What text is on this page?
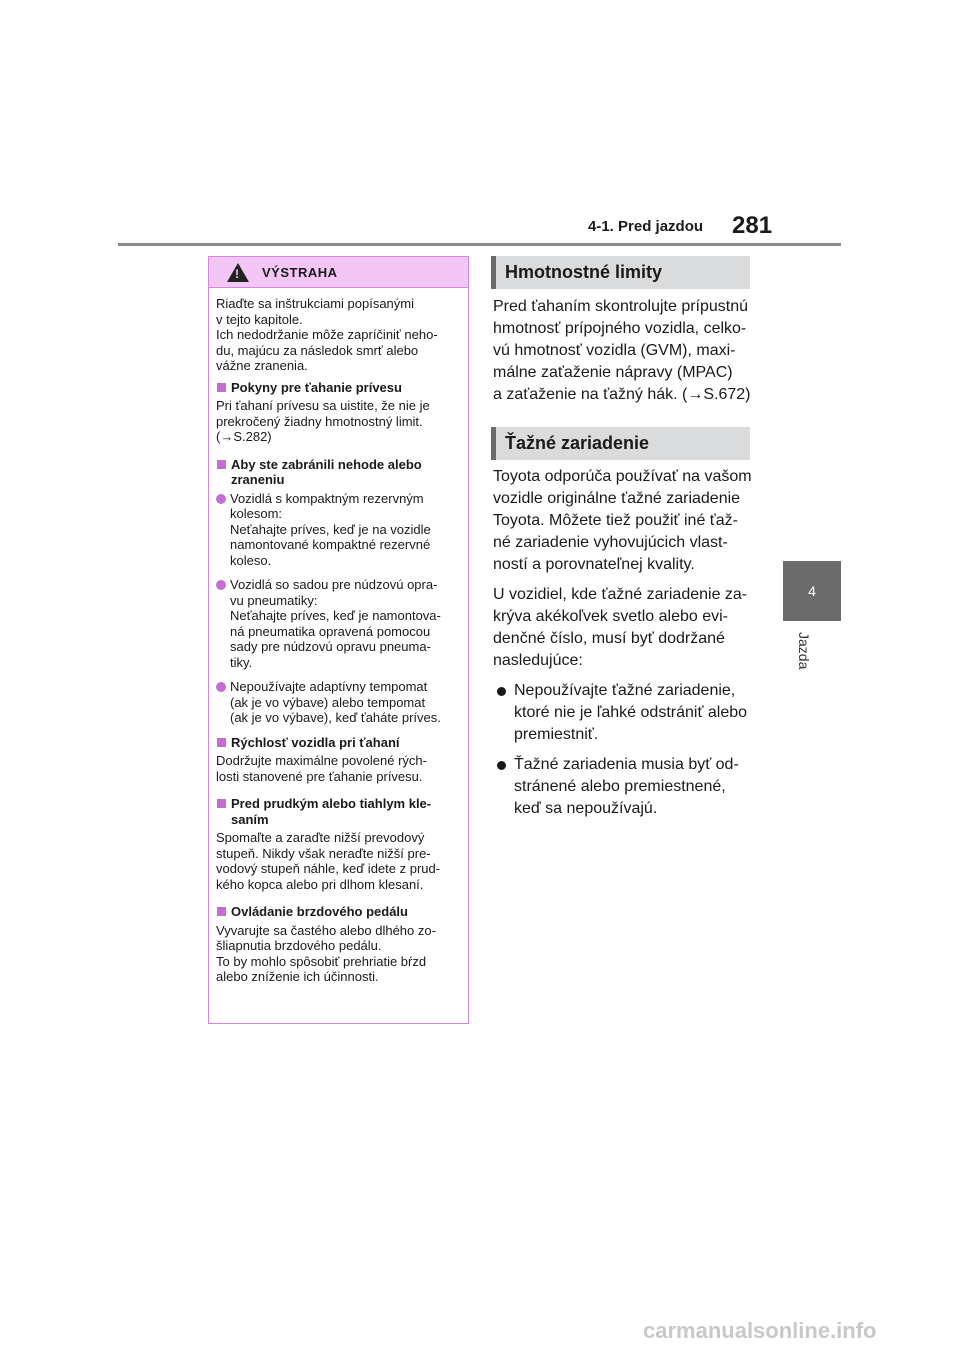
4-1. Pred jazdou 281
4
Jazda
!
VÝSTRAHA

Riaďte sa inštrukciami popísanými
v tejto kapitole.
Ich nedodržanie môže zapríčiniť neho-
du, majúcu za následok smrť alebo
vážne zranenia.

Pokyny pre ťahanie prívesu

Pri ťahaní prívesu sa uistite, že nie je
prekročený žiadny hmotnostný limit.
(→S.282)

Aby ste zabránili nehode alebo
zraneniu
Vozidlá s kompaktným rezervným
kolesom:
Neťahajte príves, keď je na vozidle
namontované kompaktné rezervné
koleso.
Vozidlá so sadou pre núdzovú opra-
vu pneumatiky:
Neťahajte príves, keď je namontova-
ná pneumatika opravená pomocou
sady pre núdzovú opravu pneuma-
tiky.
Nepoužívajte adaptívny tempomat
(ak je vo výbave) alebo tempomat
(ak je vo výbave), keď ťaháte príves.
Rýchlosť vozidla pri ťahaní

Dodržujte maximálne povolené rých-
losti stanovené pre ťahanie prívesu.

Pred prudkým alebo tiahlym kle-
saním

Spomaľte a zaraďte nižší prevodový
stupeň. Nikdy však neraďte nižší pre-
vodový stupeň náhle, keď idete z prud-
kého kopca alebo pri dlhom klesaní.

Ovládanie brzdového pedálu

Vyvarujte sa častého alebo dlhého zo-
šliapnutia brzdového pedálu.
To by mohlo spôsobiť prehriatie bŕzd
alebo zníženie ich účinnosti.

Hmotnostné limity

Pred ťahaním skontrolujte prípustnú
hmotnosť prípojného vozidla, celko-
vú hmotnosť vozidla (GVM), maxi-
málne zaťaženie nápravy (MPAC)
a zaťaženie na ťažný hák. (→S.672)

Ťažné zariadenie

Toyota odporúča používať na vašom
vozidle originálne ťažné zariadenie
Toyota. Môžete tiež použiť iné ťaž-
né zariadenie vyhovujúcich vlast-
ností a porovnateľnej kvality.

U vozidiel, kde ťažné zariadenie za-
krýva akékoľvek svetlo alebo evi-
denčné číslo, musí byť dodržané
nasledujúce:

Nepoužívajte ťažné zariadenie,
ktoré nie je ľahké odstrániť alebo
premiestniť.
Ťažné zariadenia musia byť od-
stránené alebo premiestnené,
keď sa nepoužívajú.
carmanualsonline.info
